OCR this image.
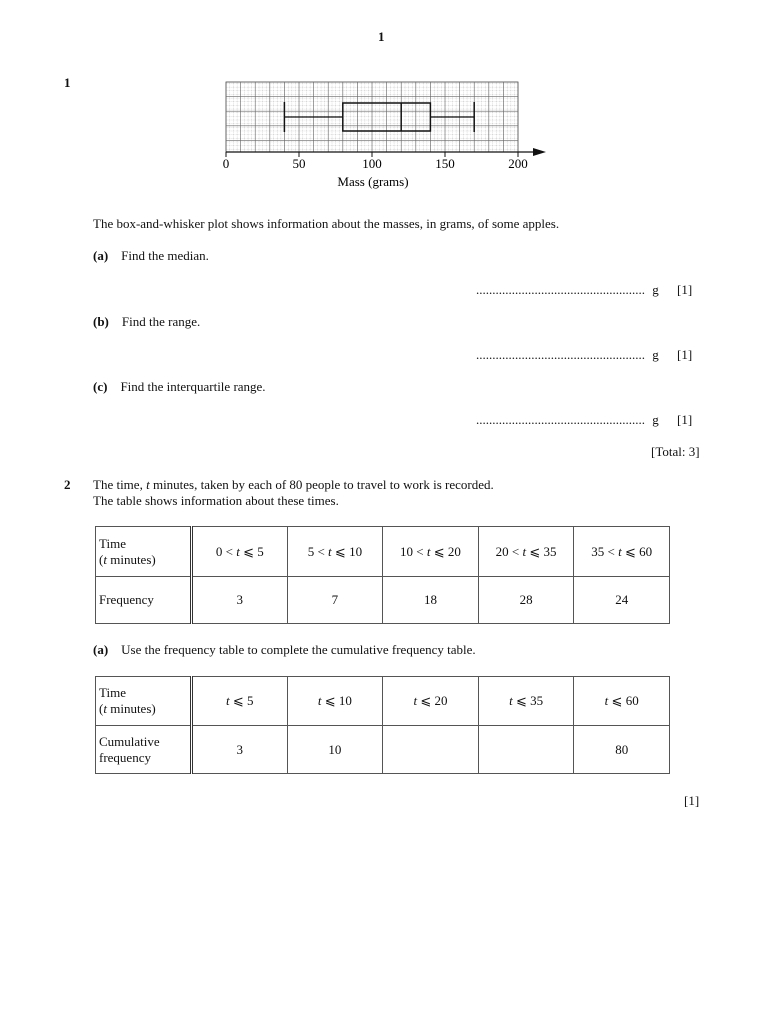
1
1
0	50	100	150	200
Mass (grams)
The box-and-whisker plot shows information about the masses, in grams, of some apples.
(a) Find the median.
.................................................... g [1]
(b) Find the range.
.................................................... g [1]
(c) Find the interquartile range.
.................................................... g [1]
[Total: 3]
2 The time, t minutes, taken by each of 80 people to travel to work is recorded.
The table shows information about these times.
Time
(t minutes)	0 < t ⩽ 5	5 < t ⩽ 10	10 < t ⩽ 20	20 < t ⩽ 35	35 < t ⩽ 60
Frequency	3	7	18	28	24
(a) Use the frequency table to complete the cumulative frequency table.
Time
(t minutes)	t ⩽ 5	t ⩽ 10	t ⩽ 20	t ⩽ 35	t ⩽ 60

Cumulative
frequency	3	10			80
[1]
